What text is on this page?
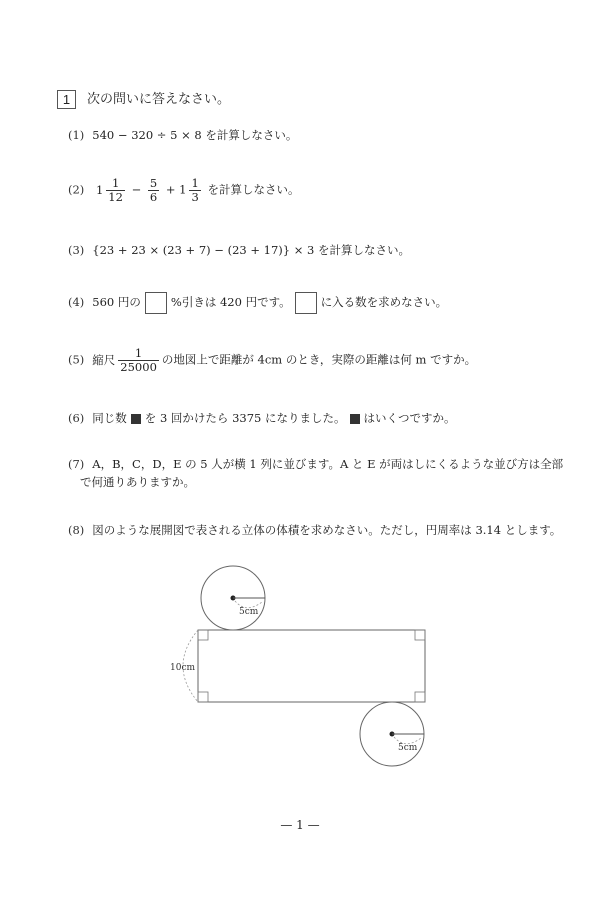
1	次の問いに答えなさい。
(1) 540 − 320 ÷ 5 × 8 を計算しなさい。
(2) $1 \frac{1}{12} - \frac{5}{6} + 1 \frac{1}{3}$ を計算しなさい。
(3) {23 + 23 × (23 + 7) − (23 + 17)} × 3 を計算しなさい。
(4) 560 円の	%引きは 420 円です。	に入る数を求めなさい。
(5) 縮尺 $\frac{1}{25000}$ の地図上で距離が 4cm のとき，実際の距離は何 m ですか。
(6) 同じ数 を 3 回かけたら 3375 になりました。 はいくつですか。
(7) A，B，C，D，E の 5 人が横 1 列に並びます。A と E が両はしにくるような並び方は全部
で何通りありますか。
(8) 図のような展開図で表される立体の体積を求めなさい。ただし，円周率は 3.14 とします。
5cm
10cm
5cm
— 1 —
